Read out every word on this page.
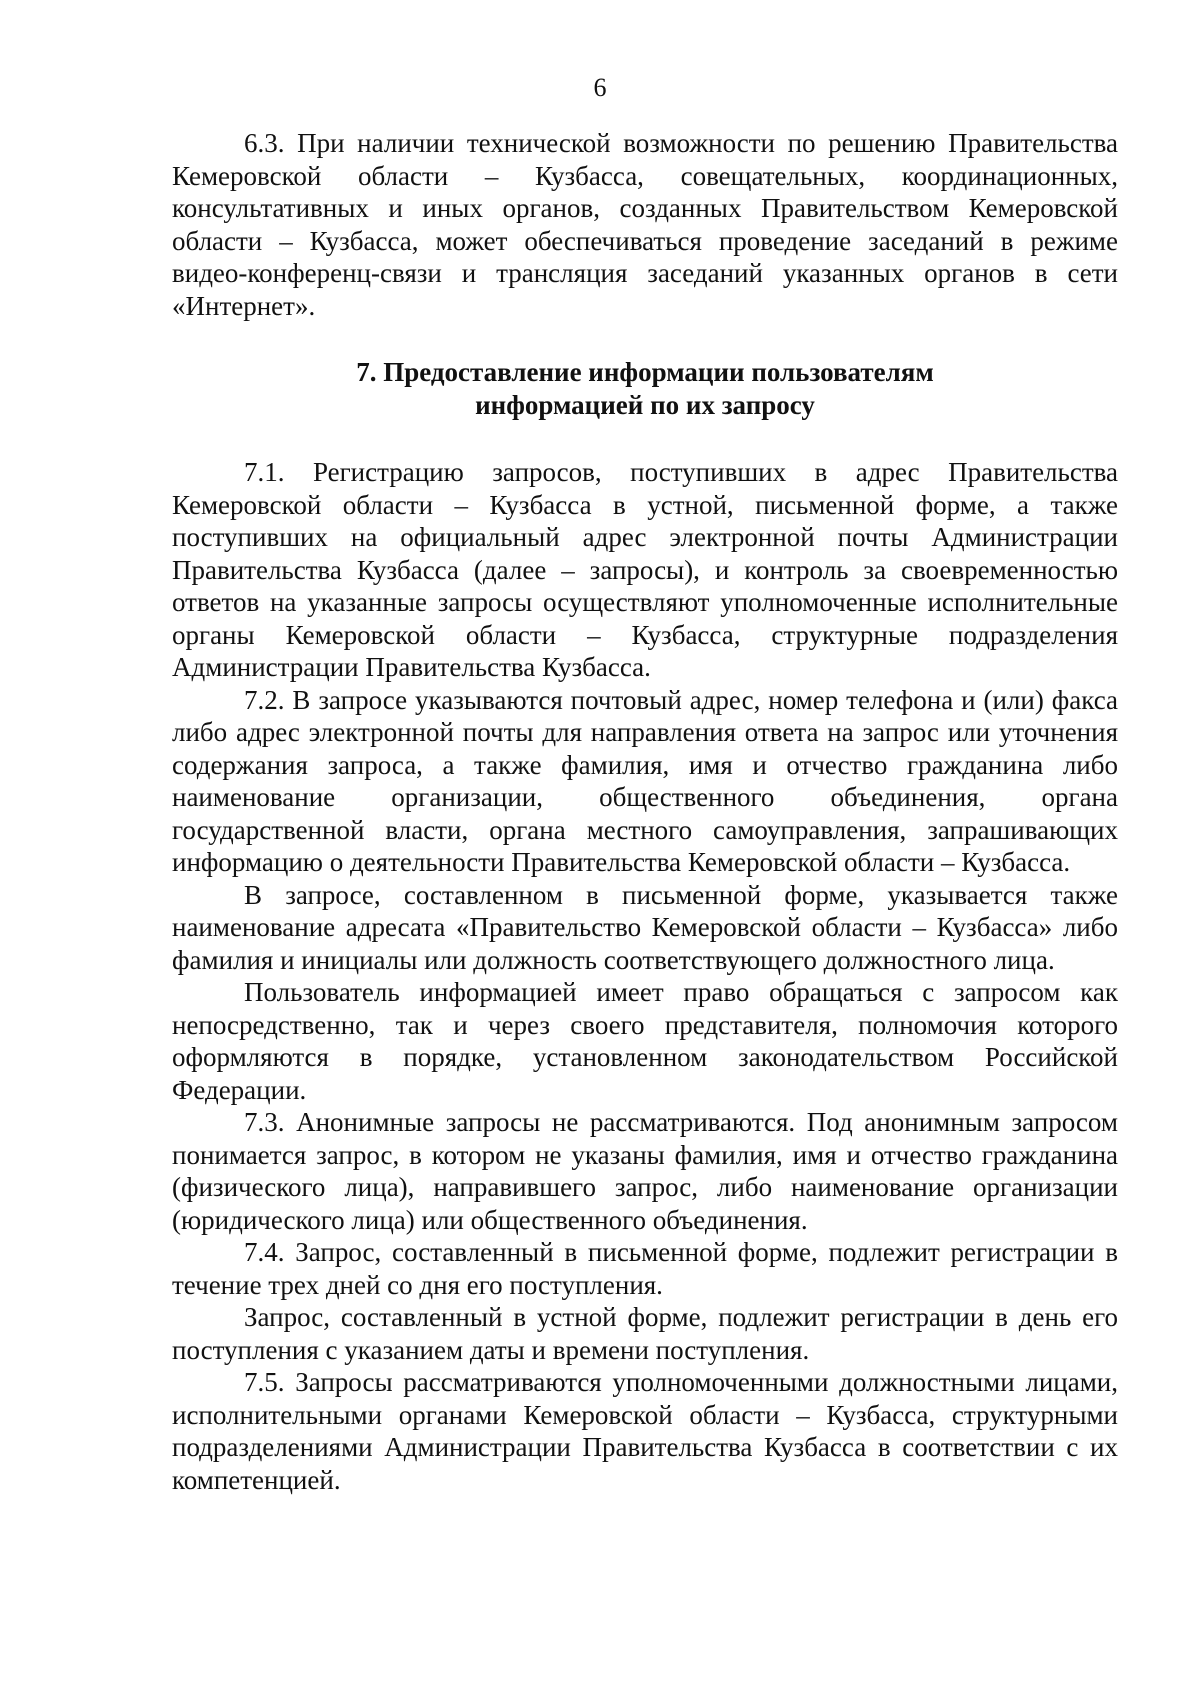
6

6.3. При наличии технической возможности по решению Правительства Кемеровской области – Кузбасса, совещательных, координационных, консультативных и иных органов, созданных Правительством Кемеровской области – Кузбасса, может обеспечиваться проведение заседаний в режиме видео-конференц-связи и трансляция заседаний указанных органов в сети «Интернет».

7. Предоставление информации пользователям
информацией по их запросу

7.1. Регистрацию запросов, поступивших в адрес Правительства Кемеровской области – Кузбасса в устной, письменной форме, а также поступивших на официальный адрес электронной почты Администрации Правительства Кузбасса (далее – запросы), и контроль за своевременностью ответов на указанные запросы осуществляют уполномоченные исполнительные органы Кемеровской области – Кузбасса, структурные подразделения Администрации Правительства Кузбасса.

7.2. В запросе указываются почтовый адрес, номер телефона и (или) факса либо адрес электронной почты для направления ответа на запрос или уточнения содержания запроса, а также фамилия, имя и отчество гражданина либо наименование организации, общественного объединения, органа государственной власти, органа местного самоуправления, запрашивающих информацию о деятельности Правительства Кемеровской области – Кузбасса.

В запросе, составленном в письменной форме, указывается также наименование адресата «Правительство Кемеровской области – Кузбасса» либо фамилия и инициалы или должность соответствующего должностного лица.

Пользователь информацией имеет право обращаться с запросом как непосредственно, так и через своего представителя, полномочия которого оформляются в порядке, установленном законодательством Российской Федерации.

7.3. Анонимные запросы не рассматриваются. Под анонимным запросом понимается запрос, в котором не указаны фамилия, имя и отчество гражданина (физического лица), направившего запрос, либо наименование организации (юридического лица) или общественного объединения.

7.4. Запрос, составленный в письменной форме, подлежит регистрации в течение трех дней со дня его поступления.

Запрос, составленный в устной форме, подлежит регистрации в день его поступления с указанием даты и времени поступления.

7.5. Запросы рассматриваются уполномоченными должностными лицами, исполнительными органами Кемеровской области – Кузбасса, структурными подразделениями Администрации Правительства Кузбасса в соответствии с их компетенцией.
